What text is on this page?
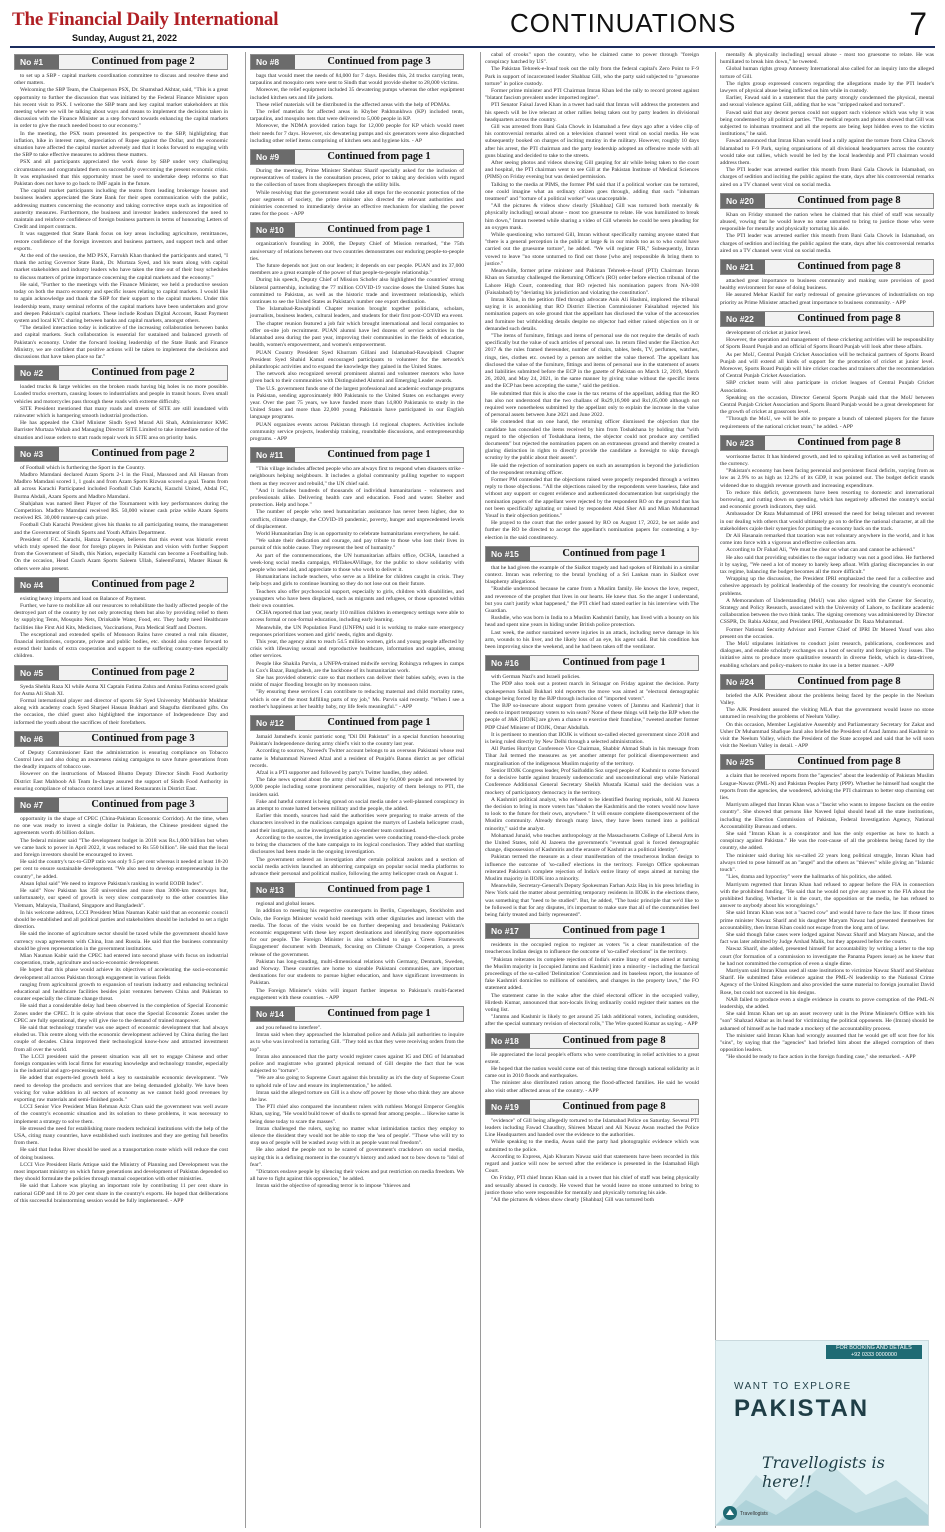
The Financial Daily International
Sunday, August 21, 2022	CONTINUATIONS	7
No #1	Continued from page 2

to set up a SBP - capital markets coordination committee to discuss and resolve these and other matters.

Welcoming the SBP Team, the Chairperson PSX, Dr. Shamshad Akhtar, said, "This is a great opportunity to further the discussion that was initiated by the Federal Finance Minister upon his recent visit to PSX. I welcome the SBP team and key capital market stakeholders at this meeting where we will be talking about ways and means to implement the decisions taken in discussion with the Finance Minister as a step forward towards enhancing the capital markets in order to give the much needed boost to our economy."

In the meeting, the PSX team presented its perspective to the SBP, highlighting that inflation, hike in interest rates, depreciation of Rupee against the Dollar, and the economic situation have affected the capital market adversely and that it looks forward to engaging with the SBP to take effective measures to address these matters.

PSX and all participants appreciated the work done by SBP under very challenging circumstances and congratulated them on successfully overcoming the present economic crisis. It was emphasised that this opportunity must be used to undertake deep reforms so that Pakistan does not have to go back to IMF again in the future.

The capital market participants including the teams from leading brokerage houses and business leaders appreciated the State Bank for their open communication with the public, addressing matters concerning the economy and taking corrective steps such as imposition of austerity measures. Furthermore, the business and investor leaders underscored the need to maintain and reinforce confidence of foreign business partners in terms of honouring Letters of Credit and import contracts.

It was suggested that State Bank focus on key areas including agriculture, remittances, restore confidence of the foreign investors and business partners, and support tech and other exports.

At the end of the session, the MD PSX, Farrukh Khan thanked the participants and stated, "I thank the acting Governor State Bank, Dr. Murtaza Syed, and his team along with capital market stakeholders and industry leaders who have taken the time out of their busy schedules to discuss matters of prime importance concerning the capital markets and the economy."

He said, "Further to the meetings with the Finance Minister, we held a productive session today on both the macro economy and specific issues relating to capital markets. I would like to again acknowledge and thank the SBP for their support to the capital markets. Under this leadership team, many seminal reforms of the capital markets have been undertaken and grow and deepen Pakistan's capital markets. These include Roshan Digital Account, Raast Payment system and local KYC sharing between banks and capital markets, amongst others.

"The detailed interaction today is indicative of the increasing collaboration between banks and capital markets. Such collaboration is essential for sustained and balanced growth of Pakistan's economy. Under the forward looking leadership of the State Bank and Finance Ministry, we are confident that positive actions will be taken to implement the decisions and discussions that have taken place so far."

No #2	Continued from page 2

loaded trucks & large vehicles on the broken roads having big holes is no more possible. Loaded trucks overturn, causing losses to industrialists and people in transit hours. Even small vehicles and motorcycles pass through these roads with extreme difficulty.

SITE President mentioned that many roads and streets of SITE are still inundated with rainwater which is hampering smooth industrial production.

He has appealed the Chief Minister Sindh Syed Murad Ali Shah, Administrator KMC Barrister Murtaza Wahab and Managing Director SITE Limited to take immediate notice of the situation and issue orders to start roads repair work in SITE area on priority basis.

No #3	Continued from page 2

of Football which is furthering the Sport in the Country.

Madbro Mamdani declared Azam Sports 2-1 in the Final, Massood and Ali Hassan from Madbro Mamdani scored 1, 1 goals and from Azam Sports Rizwan scored a goal. Teams from all across Karachi Participated included Football Club Karachi, Karachi United, Abdal FC, Burma Abdali, Azam Sports and Madbro Mamdani.

Shahjahan was named Best Player of the Tournament with key performances during the Competition. Madbro Mamdani received RS. 50,000 winner cash prize while Azam Sports received RS. 30,000 runner-up cash prize.

Football Club Karachi President gives his thanks to all participating teams, the management and the Government of Sindh Sports and Youth Affairs Department.

President of F.C. Karachi, Hamza Farooque, believes that this event was historic event which truly opened the door for foreign players in Pakistan and vision with further Support from the Government of Sindh, this Nation, especially Karachi can become a Footballing hub. On the occasion, Head Coach Azam Sports Saleem Ullah, SaleemFatmi, Master Riasat & others were also present.

No #4	Continued from page 2

existing heavy imports and load on Balance of Payment.

Further, we have to mobilize all our resources to rehabilitate the badly affected people of the destroyed part of the country by not only protecting them but also by providing relief to them by supplying Tents, Mosquito Nets, Drinkable Water, Food, etc. They badly need Healthcare facilities like First Aid Kits, Medicines, Vaccinations, Para Medical Staff and Doctors.

The exceptional and extended spells of Monsoon Rains have created a real rain disaster, financial institutions, corporate, private and public bodies, etc. should also come forward to extend their hands of extra cooperation and support to the suffering country-men especially children.

No #5	Continued from page 2

Syeda Shehla Raza XI while Asma XI Captain Fatima Zahra and Amina Fatima scored goals for Asma Ali Shah XI.

Formal international player and director of sports Sir Syed University Mubbashir Mukhtar along with academy coach Syed Sharjeel Hassan Bukhari and Shagufta distributed gifts. On the occasion, the chief guest also highlighted the importance of Independence Day and informed the youth about the sacrifices of their forefathers.

No #6	Continued from page 3

of Deputy Commissioner East the administration is ensuring compliance on Tobacco Control laws and also doing an awareness raising campaigns to save future generations from the deadly impacts of tobacco use.

However on the instructions of Masood Bhutto Deputy Director Sindh Food Authority District East Mahboob Ali Team In-charge assured the support of Sindh Food Authority in ensuring compliance of tobacco control laws at listed Restaurants in District East.

No #7	Continued from page 3

opportunity in the shape of CPEC (China-Pakistan Economic Corridor). At the time, when no one was ready to invest a single dollar in Pakistan, the Chinese president signed the agreements worth 46 billion dollars.

The federal minister said "The development budget in 2018 was Rs.1,000 billion but when we came back to power in April 2022, it was reduced to Rs 550 billion". He said that the local and foreign investors should be encouraged to invest.

He said the country's tax-to-GDP ratio was only 9.5 per cent whereas it needed at least 18-20 per cent to ensure sustainable development. "We also need to develop entrepreneurship in the country", he added.

Ahsan Iqbal said" We need to improve Pakistan's ranking in world EODB Index".

He said" Now Pakistan has 350 universities and more than 3000-km motorways but, unfortunately, our speed of growth is very slow comparatively to the other countries like Vietnam, Malaysia, Thailand, Singapore and Bangladesh".

In his welcome address, LCCI President Mian Nauman Kabir said that an economic council should be established and all political parties and stakeholders should be included to set a right direction.

He said the income of agriculture sector should be taxed while the government should have currency swap agreements with China, Iran and Russia. He said that the business community should be given representation in the government institutions.

Mian Nauman Kabir said the CPEC had entered into second phase with focus on industrial cooperation, trade, agriculture and socio-economic development.

He hoped that this phase would achieve its objectives of accelerating the socio-economic development all across Pakistan through engagement in various fields

ranging from agricultural growth to expansion of tourism industry and enhancing technical educational and healthcare facilities besides joint ventures between China and Pakistan to counter especially the climate change threat.

He said that a considerable delay had been observed in the completion of Special Economic Zones under the CPEC. It is quite obvious that once the Special Economic Zones under the CPEC are fully operational, they will give rise to the demand of trained manpower.

He said that technology transfer was one aspect of economic development that had always eluded us. This centre along with the economic development achieved by China during the last couple of decades. China improved their technological know-how and attracted investment from all over the world.

The LCCI president said the present situation was all set to engage Chinese and other foreign companies with local firms for ensuring knowledge and technology transfer, especially in the industrial and agro-processing sectors.

He added that experts-led growth held a key to sustainable economic development. "We need to develop the products and services that are being demanded globally. We have been voicing for value addition in all sectors of economy as we cannot hold good revenues by exporting raw materials and semi-finished goods."

LCCI Senior Vice President Mian Rehman Aziz Chan said the government was well aware of the country's economic situation and its solution to these problems, it was necessary to implement a strategy to solve them.

He stressed the need for establishing more modern technical institutions with the help of the USA, citing many countries, have established such institutes and they are getting full benefits from them.

He said that Indus River should be used as a transportation route which will reduce the cost of doing business.

LCCI Vice President Haris Attique said the Ministry of Planning and Development was the most important ministry on which future generations and development of Pakistan depended so they should formulate the policies through mutual cooperation with other ministries.

He said that Lahore was playing an important role by contributing 11 per cent share in national GDP and 18 to 20 per cent share in the country's exports. He hoped that deliberations of this successful brainstorming session would be fully implemented. - APP

No #8	Continued from page 3

bags that would meet the needs of 84,000 for 7 days. Besides this, 24 trucks carrying tents, tarpaulins and mosquito nets were sent to Sindh that would provide shelter to 28,000 victims.

Moreover, the relief equipment included 35 dewatering pumps whereas the other equipment included kitchen sets and life jackets.

These relief materials will be distributed in the affected areas with the help of PDMAs.

The relief materials for affected areas in Khyber Pakhtunkhwa (KP) included tents, tarpaulins, and mosquito nets that were delivered to 5,000 people in KP.

Moreover, the NDMA provided ration bags for 12,000 people for KP which would meet their needs for 7 days. However, six dewatering pumps and six generators were also dispatched including other relief items comprising of kitchen sets and hygiene kits. - AP

No #9	Continued from page 1

During the meeting, Prime Minister Shehbaz Sharif specially asked for the inclusion of representatives of traders in the consultation process, prior to taking any decision with regard to the collection of taxes from shopkeepers through the utility bills.

While resolving that the government would take all steps for the economic protection of the poor segments of society, the prime minister also directed the relevant authorities and ministries concerned to immediately devise an effective mechanism for slashing the power rates for the poor. - APP

No #10	Continued from page 1

organization's founding in 2008, the Deputy Chief of Mission remarked, "the 75th anniversary of relations between our two countries demonstrates our enduring people-to-people ties.

The future depends not just on our leaders; it depends on our people. PUAN and its 37,000 members are a great example of the power of that people-to-people relationship."

During his speech, Deputy Chief of Mission Schofer also highlighted the countries' strong bilateral partnership, including the 77 million COVID-19 vaccine doses the United States has committed to Pakistan, as well as the historic trade and investment relationship, which continues to see the United States as Pakistan's number one export destination.

The Islamabad-Rawalpindi Chapter reunion brought together politicians, scholars, journalists, business leaders, cultural leaders, and students for their first post-COVID era event.

The chapter reunion featured a job fair which brought international and local companies to offer on-site job recruitment. PUAN alumni have led dozens of service activities in the Islamabad area during the past year, improving their communities in the fields of education, health, women's empowerment, and women's empowerment.

PUAN Country President Syed Khurram Gillani and Islamabad-Rawalpindi Chapter President Syed Shahid Kamal encouraged participants to volunteer for the network's philanthropic activities and to expand the knowledge they gained in the United States.

The network also recognized several prominent alumni and volunteer mentors who have given back to their communities with Distinguished Alumni and Emerging Leader awards.

The U.S. government funds one of the largest professional and academic exchange programs in Pakistan, sending approximately 800 Pakistanis to the United States on exchanges every year. Over the past 75 years, we have funded more than 14,800 Pakistanis to study in the United States and more than 22,000 young Pakistanis have participated in our English language programs.

PUAN organizes events across Pakistan through 14 regional chapters. Activities include community service projects, leadership training, roundtable discussions, and entrepreneurship programs. - APP

No #11	Continued from page 1

"This village includes affected people who are always first to respond when disasters strike - neighbours helping neighbours. It includes a global community pulling together to support them as they recover and rebuild," the UN chief said.

"And it includes hundreds of thousands of individual humanitarians - volunteers and professionals alike. Delivering health care and education. Food and water. Shelter and protection. Help and hope."

The number of people who need humanitarian assistance has never been higher, due to conflicts, climate change, the COVID-19 pandemic, poverty, hunger and unprecedented levels of displacement.

World Humanitarian Day is an opportunity to celebrate humanitarians everywhere, he said.

"We salute their dedication and courage, and pay tribute to those who lost their lives in pursuit of this noble cause. They represent the best of humanity."

As part of the commemorations, the UN humanitarian affairs office, OCHA, launched a week-long social media campaign, #ItTakesAVillage, for the public to show solidarity with people who need aid, and appreciate to those who work to deliver it.

Humanitarians include teachers, who serve as a lifeline for children caught in crisis. They help boys and girls to continue learning so they do not lose out on their future.

Teachers also offer psychosocial support, especially to girls, children with disabilities, and youngsters who have been displaced, such as migrants and refugees, or those uprooted within their own countries.

OCHA reported that last year, nearly 110 million children in emergency settings were able to access formal or non-formal education, including early learning.

Meanwhile, the UN Population Fund (UNFPA) said it is working to make sure emergency responses prioritizes women and girls' needs, rights and dignity.

This year, the agency aims to reach 54.5 million women, girls and young people affected by crisis with lifesaving sexual and reproductive healthcare, information and supplies, among other services.

People like Shakila Parvin, a UNFPA-trained midwife serving Rohingya refugees in camps in Cox's Bazar, Bangladesh, are the backbone of its humanitarian work.

She has provided obstetric care so that mothers can deliver their babies safely, even in the midst of major flooding brought on by monsoon rains.

"By ensuring these services I can contribute to reducing maternal and child mortality rates, which is one of the most fulfilling parts of my job," Ms. Parvin said recently. "When I see a mother's happiness at her healthy baby, my life feels meaningful." - APP

No #12	Continued from page 1

Jamaid Jamshed's iconic patriotic song "Dil Dil Pakistan" in a special function honouring Pakistan's Independence during army chief's visit to the country last year.

According to sources, Naveed's Twitter account belongs to an overseas Pakistani whose real name is Muhammad Naveed Afzal and a resident of Punjab's Bannu district as per official records.

Afzal is a PTI supporter and followed by party's Twitter handles, they added.

The fake news spread about the army chief was liked by 64,000 people and retweeted by 9,000 people including some prominent personalities, majority of them belongs to PTI, the insiders said.

Fake and hateful content is being spread on social media under a well-planned conspiracy in an attempt to create hatred between military and the people, the added.

Earlier this month, sources had said the authorities were preparing to make arrests of the characters involved in the malicious campaign against the martyrs of Lasbela helicopter crash, and their instigators, as the investigation by a six-member team continued.

According to the sources, the investigation agencies were conducting round-the-clock probe to bring the characters of the hate campaign to its logical conclusion. They added that startling disclosures had been made in the ongoing investigation.

The government ordered an investigation after certain political zealots and a section of social media activists launched an abhorring campaign on popular social media platforms to advance their personal and political malice, following the army helicopter crash on August 1.

No #13	Continued from page 1

regional and global issues.

In addition to meeting his respective counterparts in Berlin, Copenhagen, Stockholm and Oslo, the Foreign Minister would hold meetings with other dignitaries and interact with the media. The focus of the visits would be on further deepening and broadening Pakistan's economic engagement with these key export destinations and identifying more opportunities for our people. The Foreign Minister is also scheduled to sign a 'Green Framework Engagement' document with Denmark, focusing on Climate Change Cooperation, a press release of the government.

Pakistan has long-standing, multi-dimensional relations with Germany, Denmark, Sweden, and Norway. These countries are home to sizeable Pakistani communities, are important destinations for our students to pursue higher education, and have significant investments in Pakistan.

The Foreign Minister's visits will impart further impetus to Pakistan's multi-faceted engagement with these countries. - APP

No #14	Continued from page 1

and you refused to interfere".

Imran said when they approached the Islamabad police and Adiala jail authorities to inquire as to who was involved in torturing Gill. "They told us that they were receiving orders from the top".

Imran also announced that the party would register cases against IG and DIG of Islamabad police and magistrate who granted physical remand of Gill despite the fact that he was subjected to "torture".

"We are also going to Supreme Court against this brutality as it's the duty of Supreme Court to uphold rule of law and ensure its implementation," he added.

Imran said the alleged torture on Gill is a show off power by those who think they are above the law.

The PTI chief also compared the incumbent rulers with ruthless Mongol Emperor Genghis Khan, saying, "He would build tower of skulls to spread fear among people.... likewise same is being done today to scare the masses".

Imran challenged the rulers, saying no matter what intimidation tactics they employ to silence the dissident they would not be able to stop the 'sea of people'. "Those who will try to stop sea of people will be washed away with it as people want real freedom".

He also asked the people not to be scared of government's crackdown on social media, saying this is a defining moment in the country's history and asked not to bow down to "idol of fear".

"Dictators enslave people by silencing their voices and put restriction on media freedom. We all have to fight against this oppression," he added.

Imran said the objective of spreading terror is to impose "thieves and

cabal of crooks" upon the country, who he claimed came to power through "foreign conspiracy hatched by US".

The Pakistan Tehreek-e-Insaf took out the rally from the federal capital's Zero Point to F-9 Park in support of incarcerated leader Shahbaz Gill, who the party said subjected to "gruesome torture" in police custody.

Former prime minister and PTI Chairman Imran Khan led the rally to record protest against "blatant fascism prevalent under imported regime".

PTI Senator Faisal Javed Khan in a tweet had said that Imran will address the protesters and his speech will be live telecast at other rallies being taken out by party leaders in divisional headquarters across the country.

Gill was arrested from Bani Gala Chowk in Islamabad a few days ago after a video clip of his controversial remarks aired on a television channel went viral on social media. He was subsequently booked on charges of inciting mutiny in the military. However, roughly 10 days after his arrest, the PTI chairman and the party leadership adopted an offensive mode with all guns blazing and decided to take to the streets.

After seeing photos and videos showing Gill gasping for air while being taken to the court and hospital, the PTI chairman went to see Gill at the Pakistan Institute of Medical Sciences (PIMS) on Friday evening but was denied permission.

Talking to the media at PIMS, the former PM said that if a political worker can be tortured, one could imagine what an ordinary citizen goes through, adding that such "inhuman treatment" and "torture of a political worker" was unacceptable.

"All the pictures & videos show clearly [Shahbaz] Gill was tortured both mentally & physically including] sexual abuse - most too gruesome to relate. He was humiliated to break him down," Imran tweeted while sharing a video of Gill wherein he could be seen pleading for an oxygen mask.

While questioning who tortured Gill, Imran without specifically naming anyone stated that "there is a general perception in the public at large & in our minds too as to who could have carried out the gruesome torture", he added. "We will register FIR," Subsequently, Imran vowed to leave "no stone unturned to find out those [who are] responsible & bring them to justice."

Meanwhile, former prime minister and Pakistan Tehreek-e-Insaf (PTI) Chairman Imran Khan on Saturday challenged the Returning Officer's (RO) order before election tribunal of the Lahore High Court, contending that RO rejected his nomination papers from NA-108 (Faisalabad) by "deviating his jurisdiction and violating the constitution".

Imran Khan, in the petition filed through advocate Anis Ali Hashmi, implored the tribunal saying it is astonishing that RO District Election Commissioner Faisalabad rejected his nomination papers on sole ground that the appellant has disclosed the value of the accessories and furniture but withholding details despite no objector had either raised objection on it or demanded such details.

"The items of furniture, fittings and items of personal use do not require the details of each specifically but the value of such articles of personal use. In return filed under the Election Act 2017 & the rules framed thereunder, number of chairs, tables, beds, TV, perfumes, watches, rings, ties, clothes etc. owned by a person are neither the value thereof. The appellant has disclosed the value of the furniture, fittings and items of personal use in the statement of assets and liabilities submitted before the ECP in the gazette of Pakistan on March 12, 2019, March 26, 2020, and May 24, 2021, in the same manner by giving value without the specific items and the ECP has been accepting the same," said the petition.

He submitted that this is also the case in the tax returns of the appellant, adding that the RO has also not understood that the two challans of Rs29,16,900 and Rs1,05,000 although not required were nonetheless submitted by the appellant only to explain the increase in the value of personal assets between June 2021 and June 2022.

He contended that on one hand, the returning officer dismissed the objection that the candidate has concealed the items received by him from Toshakhana by holding that "with regard to the objection of Toshakhana items, the objector could not produce any certified documents" but rejected the nomination papers on an extraneous ground and thereby created a glaring distinction in rights to directly provide the candidate a foresight to skip through scrutiny by the public about their assets".

He said the rejection of nomination papers on such an assumption is beyond the jurisdiction of the respondent returning officer.

Former PM contended that the objections raised were properly responded through a written reply to those objections. "All the objections raised by the respondents were baseless, fake and without any support or cogent evidence and authenticated documentation but surprisingly the nomination papers of the appellant were rejected by the respondent RO on the ground that has not been specifically agitating or raised by respondent Abid Sher Ali and Mian Muhammad Youaf in their objection petitions."

He prayed to the court that the order passed by RO on August 17, 2022, be set aside and further the RO be directed to accept the appellant's nomination papers for contesting a by-election in the said constituency.

No #15	Continued from page 1

that he had given the example of the Sialkot tragedy and had spoken of Rimbahi in a similar context. Imran was referring to the brutal lynching of a Sri Lankan man in Sialkot over blasphemy allegations.

"Rushdie understood because he came from a Muslim family. He knows the love, respect, and reverence of the prophet that lives in our hearts. He knew that. So the anger I understand, but you can't justify what happened," the PTI chief had stated earlier in his interview with The Guardian.

Rushdie, who was born in India to a Muslim Kashmiri family, has lived with a bounty on his head and spent nine years in hiding under British police protection.

Last week, the author sustained severe injuries in an attack, including nerve damage in his arm, wounds to his liver, and the likely loss of an eye, his agent said. But his condition has been improving since the weekend, and he had been taken off the ventilator.

No #16	Continued from page 1

with German Nazi's and Israeli policies.

The PDP also took out a protest march in Srinagar on Friday against the decision. Party spokesperson Suhail Bukhari told reporters the move was aimed at "electoral demographic change being forced by the BJP through inclusion of "imported voters".

The BJP so-insecure about support from genuine voters of [Jammu and Kashmir] that it needs to import temporary voters to win seats? None of these things will help the BJP when the people of J&K [IIOJK] are given a chance to exercise their franchise," tweeted another former PDP Chief Minister of IIOJK, Omar Abdullah.

It is pertinent to mention that IIOJK is without so-called elected government since 2018 and is being ruled directly by New Delhi through a selected administration.

All Parties Hurriyat Conference Vice Chairman, Shabbir Ahmad Shah in his message from Tihar Jail termed the measures as yet another attempt for political disempowerment and marginalisation of the indigenous Muslim majority of the territory.

Senior IIOJK Congress leader, Prof Saifuddin Soz urged people of Kashmir to come forward for a decisive battle against brazenly undemocratic and unconstitutional step while National Conference Additional General Secretary Sheikh Mustafa Kamal said the decision was a mockery of participatory democracy in the territory.

A Kashmiri political analyst, who refused to be identified fearing reprisals, told Al Jazeera the decision to bring in more voters has "shaken the Kashmiris and the voters would now have to look to the future for their own, anywhere." It will ensure complete disempowerment of the Muslim community. Already through many laws, they have been turned into a political minority," said the analyst.

Mohamad Junaid, who teaches anthropology at the Massachusetts College of Liberal Arts in the United States, told Al Jazeera the government's "eventual goal is forced demographic change, dispossession of Kashmiris and the erasure of Kashmir as a political identity".

Pakistan termed the measure as a clear manifestation of the treacherous Indian design to influence the outcome of 'so-called' elections in the territory. Foreign Office spokesman reiterated Pakistan's complete rejection of India's entire litany of steps aimed at turning the Muslim majority in IIOJK into a minority.

Meanwhile, Secretary-General's Deputy Spokesman Farhan Aziz Haq in his press briefing in New York said the matter about permitting temporary residents in IIOJK in the elections there, was something that "need to be studied". But, he added, "The basic principle that we'd like to be followed is that for any disputes, it's important to make sure that all of the communities feel being fairly treated and fairly represented".

No #17	Continued from page 1

residents in the occupied region to register as voters "is a clear manifestation of the treacherous Indian design to influence the outcome of 'so-called' elections" in the territory.

"Pakistan reiterates its complete rejection of India's entire litany of steps aimed at turning the Muslim majority in [occupied Jammu and Kashmir] into a minority - including the farcical proceedings of the so-called 'Delimitation' Commission and its baseless report, the issuance of fake Kashmiri domiciles to millions of outsiders, and changes in the property laws," the FO statement added.

The statement came in the wake after the chief electoral officer in the occupied valley, Hirdesh Kumar, announced that non-locals living ordinarily could register their names on the voting list.

"Jammu and Kashmir is likely to get around 25 lakh additional voters, including outsiders, after the special summary revision of electoral rolls," The Wire quoted Kumar as saying. - APP

No #18	Continued from page 8

He appreciated the local people's efforts who were contributing in relief activities to a great extent.

He hoped that the nation would come out of this testing time through national solidarity as it came out in 2010 floods and earthquakes.

The minister also distributed ration among the flood-affected families. He said he would also visit other affected areas of the country. - APP

No #19	Continued from page 8

"evidence" of Gill being allegedly tortured to the Islamabad Police on Saturday. Several PTI leaders including Fawad Chaudhry, Shireen Mazari and Ali Nawaz Awan reached the Police Line Headquarters and handed over the evidence to the authorities.

While speaking to the media, Awan said the party had photographic evidence which was submitted to the police.

According to Express, Ajab Khuram Nawaz said that statements have been recorded in this regard and justice will now be served after the evidence is presented in the Islamabad High Court.

On Friday, PTI chief Imran Khan said in a tweet that his chief of staff was being physically and sexually abused in custody. He vowed that he would leave no stone unturned to bring to justice those who were responsible for mentally and physically torturing his aide.

"All the pictures & videos show clearly [Shahbaz] Gill was tortured both

mentally & physically including] sexual abuse - most too gruesome to relate. He was humiliated to break him down," he tweeted.

Global human rights group Amnesty International also called for an inquiry into the alleged torture of Gill.

The rights group expressed concern regarding the allegations made by the PTI leader's lawyers of physical abuse being inflicted on him while in custody.

Earlier, Fawad said in a statement that the party strongly condemned the physical, mental and sexual violence against Gill, adding that he was "stripped naked and tortured".

Fawad said that any decent person could not support such violence which was why it was being condemned by all political parties. "The medical reports and photos showed that Gill was subjected to inhuman treatment and all the reports are being kept hidden even to the victim institutions," he said.

Fawad announced that Imran Khan would lead a rally against the torture from China Chowk Islamabad to F-9 Park, saying organisations of all divisional headquarters across the country would take out rallies, which would be led by the local leadership and PTI chairman would address them.

The PTI leader was arrested earlier this month from Bani Gala Chowk in Islamabad, on charges of sedition and inciting the public against the state, days after his controversial remarks aired on a TV channel went viral on social media.

No #20	Continued from page 8

Khan on Friday stunned the nation when he claimed that his chief of staff was sexually abused, vowing that he would leave no stone unturned to bring to justice those who were responsible for mentally and physically torturing his aide.

The PTI leader was arrested earlier this month from Bani Gala Chowk in Islamabad, on charges of sedition and inciting the public against the state, days after his controversial remarks aired on a TV channel went viral on social media.

No #21	Continued from page 8

attached great importance to business community and making sure provision of good healthy environment for ease of doing business.

He assured Mehar Kashif for early redressal of genuine grievances of industrialists on top priority as Prime Minister attached great importance to business community. - APP

No #22	Continued from page 8

development of cricket at junior level.

However, the operation and management of these cricketing activities will be responsibility of Sports Board Punjab and an official of Sports Board Punjab will look after these affairs.

As per MoU, Central Punjab Cricket Association will be technical partners of Sports Board Punjab and will extend all kinds of support for the promotion of cricket at junior level. Moreover, Sports Board Punjab will hire cricket coaches and trainers after the recommendation of Central Punjab Cricket Association.

SBP cricket team will also participate in cricket leagues of Central Punjab Cricket Association.

Speaking on the occasion, Director General Sports Punjab said that the MoU between Central Punjab Cricket Association and Sports Board Punjab would be a great development for the growth of cricket at grassroots level.

"Through the MoU, we will be able to prepare a bunch of talented players for the future requirements of the national cricket team," he added. - APP

No #23	Continued from page 8

worrisome factor. It has hindered growth, and led to spiraling inflation as well as battering of the currency.

"Pakistan's economy has been facing perennial and persistent fiscal deficits, varying from as low as 2.9% to as high as 12.2% of its GDP, it was pointed out. The budget deficit stands widened due to sluggish revenue growth and increasing expenditure.

To reduce this deficit, governments have been resorting to domestic and international borrowing, and cutting down on spending, which has negatively affected the country's social and economic growth indicators, they said.

Ambassador Dr Raza Muhammad of IPRI stressed the need for being tolerant and reverent in our dealing with others that would ultimately go on to define the national character, at all the stakeholders cajole their synergies for putting the economy back on the track.

Dr Ali Hasanain remarked that taxation was not voluntary anywhere in the world, and it has come into force with a vigorous and effective collection arm.

According to Dr Fahad Ali, "We must be clear on what can and cannot be achieved."

He also said that providing subsidies to the sugar industry was not a good idea. He furthered it by saying, "We need a lot of money to barely keep afloat. With glaring discrepancies in our tax regime, balancing the budget becomes all the more difficult."

Wrapping up the discussion, the President IPRI emphasized the need for a collective and cohesive approach by political leadership of the country for resolving the country's economic problems.

A Memorandum of Understanding (MoU) was also signed with the Center for Security, Strategy and Policy Research, associated with the University of Lahore, to facilitate academic collaboration between the two think tanks. The signing ceremony was administered by Director CSSPR, Dr. Rabia Akhtar, and President IPRI, Ambassador Dr. Raza Muhammad.

Former National Security Advisor and Former Chief of IPRI Dr Moeed Yusuf was also present on the occasion.

The MoU stipulates initiatives to conduct joint research, publications, conferences and dialogues, and enable scholarly exchanges on a host of security and foreign policy issues. The initiative aims to produce more qualitative research in diverse fields, which is data-driven, enabling scholars and policy-makers to make its use in a better manner. - APP

No #24	Continued from page 8

briefed the AJK President about the problems being faced by the people in the Neelum Valley.

The AJK President assured the visiting MLA that the government would leave no stone unturned in resolving the problems of Neelum Valley.

On this occasion, Member Legislative Assembly and Parliamentary Secretary for Zakat and Usher Dr Muhammad Shafique Jaral also briefed the President of Azad Jammu and Kashmir to visit the Neelum Valley, which the President of the State accepted and said that he will soon visit the Neelum Valley in detail. - APP

No #25	Continued from page 8

a claim that he received reports from the "agencies" about the leadership of Pakistan Muslim League-Nawaz (PML-N) and Pakistan Peoples Party (PPP). Whether he himself had sought the reports from the agencies, she wondered, advising the PTI chairman to better stop churning out lies.

Marriyum alleged that Imran Khan was a "fascist who wants to impose fascism on the entire country". She showed that persons like Naveed Iqbal should head all the state institutions, including the Election Commission of Pakistan, Federal Investigation Agency, National Accountability Bureau and others.

She said "Imran Khan is a conspirator and has the only expertise as how to hatch a conspiracy against Pakistan." He was the root-cause of all the problems being faced by the country, she added.

The minister said during his so-called 22 years long political struggle, Imran Khan had always tried to pose himself as an "angel" and the others as "thieves" while giving an "Islamic touch".

"Lies, drama and hypocrisy" were the hallmarks of his politics, she added.

Marriyum regretted that Imran Khan had refused to appear before the FIA in connection with the prohibited funding. "He said that he would not give any answer to the FIA about the prohibited funding. Whether it is the court, the opposition or the media, he has refused to answer to anybody about his wrongdoings."

She said Imran Khan was not a "sacred cow" and would have to face the law. If those times prime minister Nawaz Sharif and his daughter Maryam Nawaz had presented themselves for accountability, then Imran Khan could not escape from the long arm of law.

She said though false cases were lodged against Nawaz Sharif and Maryam Nawaz, and the fact was later admitted by Judge Arshad Malik, but they appeared before the courts.

Nawaz Sharif, she added, presented himself for accountability by writing a letter to the top court (for formation of a commission to investigate the Panama Papers issue) as he knew that he had not committed the corruption of even a single dime.

Marriyum said Imran Khan used all state institutions to victimize Nawaz Sharif and Shehbaz Sharif. He submitted false evidence against the PML-N leadership to the National Crime Agency of the United Kingdom and also provided the same material to foreign journalist David Rose, but could not succeed in his designs.

NAB failed to produce even a single evidence in courts to prove corruption of the PML-N leadership, she added.

She said Imran Khan set up an asset recovery unit in the Prime Minister's Office with his "son" Shahzad Akbar as its head for victimizing the political opponents. He (Imran) should be ashamed of himself as he had made a mockery of the accountability process.

The minister said Imran Khan had wrongly assumed that he would get off scot free for his "sins", by saying that the "agencies" had briefed him about the alleged corruption of then opposition leaders.

"He should be ready to face action in the foreign funding case," she remarked. - APP

FOR BOOKING AND DETAILS
+92 0333 0000000
WANT TO EXPLORE
PAKISTAN
Travellogists is here!!
Travellogists
